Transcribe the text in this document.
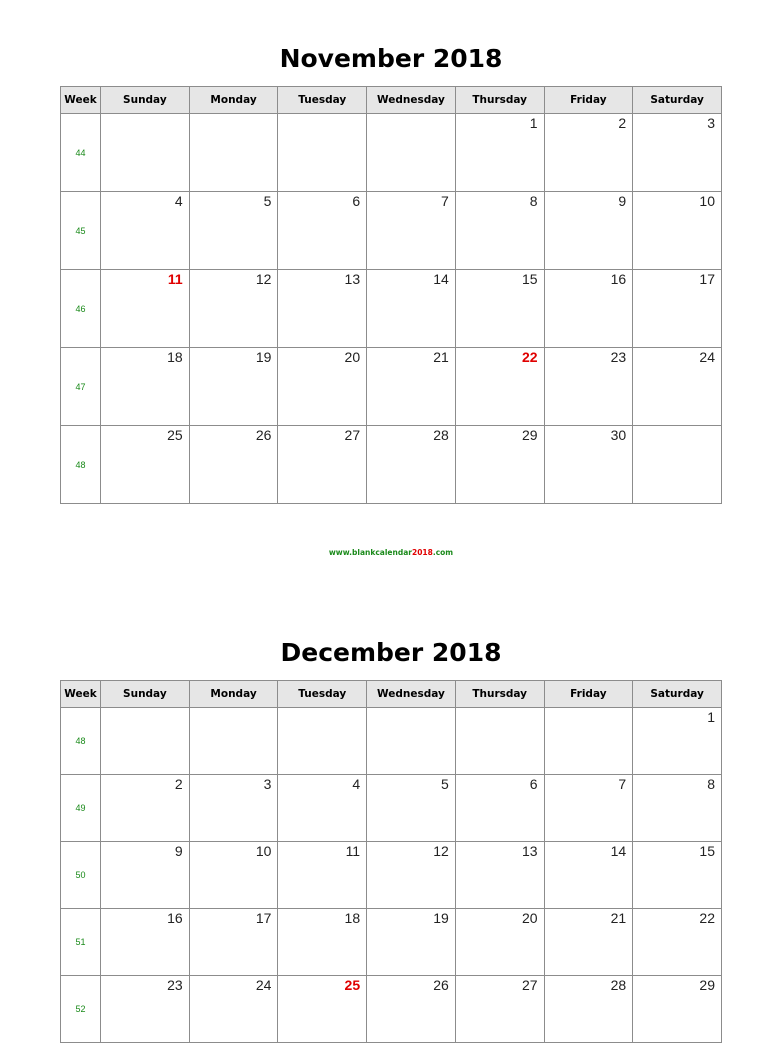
November 2018
Week	Sunday	Monday	Tuesday	Wednesday	Thursday	Friday	Saturday
44					1	2	3
45	4	5	6	7	8	9	10
46	11	12	13	14	15	16	17
47	18	19	20	21	22	23	24
48	25	26	27	28	29	30	
www.blankcalendar2018.com
December 2018
Week	Sunday	Monday	Tuesday	Wednesday	Thursday	Friday	Saturday
48							1
49	2	3	4	5	6	7	8
50	9	10	11	12	13	14	15
51	16	17	18	19	20	21	22
52	23	24	25	26	27	28	29
